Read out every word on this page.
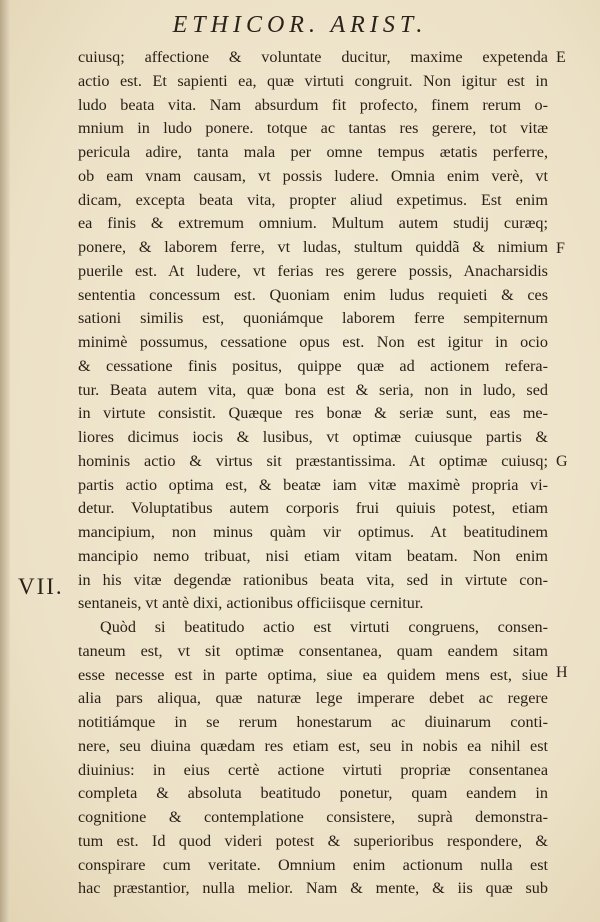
ETHICOR. ARIST.
VII.
E
F
G
H
cuiusq; affectione & voluntate ducitur, maxime expetenda
actio est. Et sapienti ea, quæ virtuti congruit. Non igitur est in
ludo beata vita. Nam absurdum fit profecto, finem rerum o-
mnium in ludo ponere. totque ac tantas res gerere, tot vitæ
pericula adire, tanta mala per omne tempus ætatis perferre,
ob eam vnam causam, vt possis ludere. Omnia enim verè, vt
dicam, excepta beata vita, propter aliud expetimus. Est enim
ea finis & extremum omnium. Multum autem studij curæq;
ponere, & laborem ferre, vt ludas, stultum quiddã & nimium
puerile est. At ludere, vt ferias res gerere possis, Anacharsidis
sententia concessum est. Quoniam enim ludus requieti & ces
sationi similis est, quoniámque laborem ferre sempiternum
minimè possumus, cessatione opus est. Non est igitur in ocio
& cessatione finis positus, quippe quæ ad actionem refera-
tur. Beata autem vita, quæ bona est & seria, non in ludo, sed
in virtute consistit. Quæque res bonæ & seriæ sunt, eas me-
liores dicimus iocis & lusibus, vt optimæ cuiusque partis &
hominis actio & virtus sit præstantissima. At optimæ cuiusq;
partis actio optima est, & beatæ iam vitæ maximè propria vi-
detur. Voluptatibus autem corporis frui quiuis potest, etiam
mancipium, non minus quàm vir optimus. At beatitudinem
mancipio nemo tribuat, nisi etiam vitam beatam. Non enim
in his vitæ degendæ rationibus beata vita, sed in virtute con-
sentaneis, vt antè dixi, actionibus officiisque cernitur.
Quòd si beatitudo actio est virtuti congruens, consen-
taneum est, vt sit optimæ consentanea, quam eandem sitam
esse necesse est in parte optima, siue ea quidem mens est, siue
alia pars aliqua, quæ naturæ lege imperare debet ac regere
notitiámque in se rerum honestarum ac diuinarum conti-
nere, seu diuina quædam res etiam est, seu in nobis ea nihil est
diuinius: in eius certè actione virtuti propriæ consentanea
completa & absoluta beatitudo ponetur, quam eandem in
cognitione & contemplatione consistere, suprà demonstra-
tum est. Id quod videri potest & superioribus respondere, &
conspirare cum veritate. Omnium enim actionum nulla est
hac præstantior, nulla melior. Nam & mente, & iis quæ sub
